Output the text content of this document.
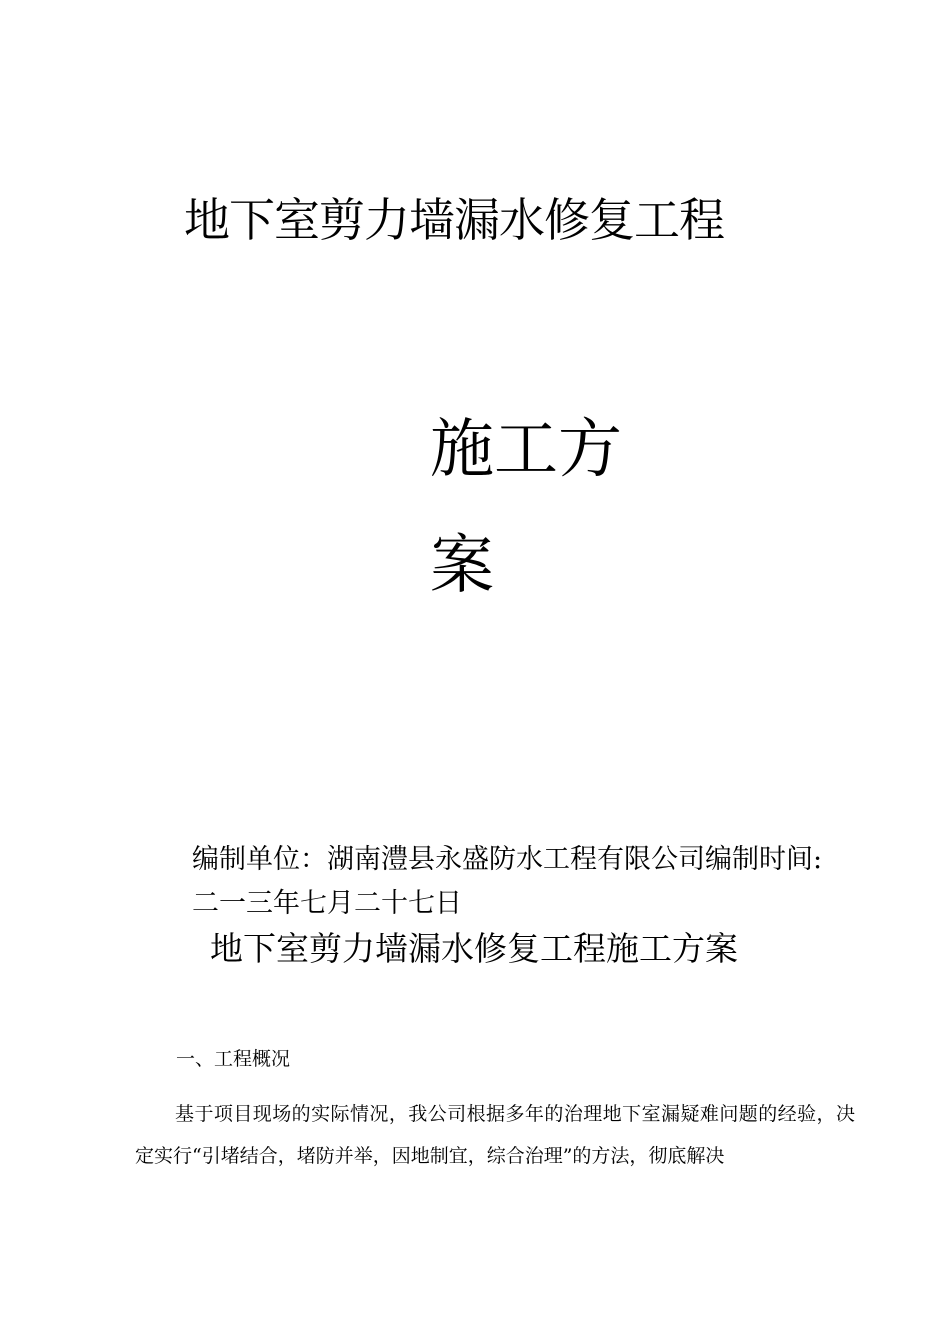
地下室剪力墙漏水修复工程
施工方
案
编制单位：湖南澧县永盛防水工程有限公司编制时间:二一三年七月二十七日
地下室剪力墙漏水修复工程施工方案
一、工程概况
基于项目现场的实际情况，我公司根据多年的治理地下室漏疑难问题的经验，决定实行“引堵结合，堵防并举，因地制宜，综合治理”的方法，彻底解决
